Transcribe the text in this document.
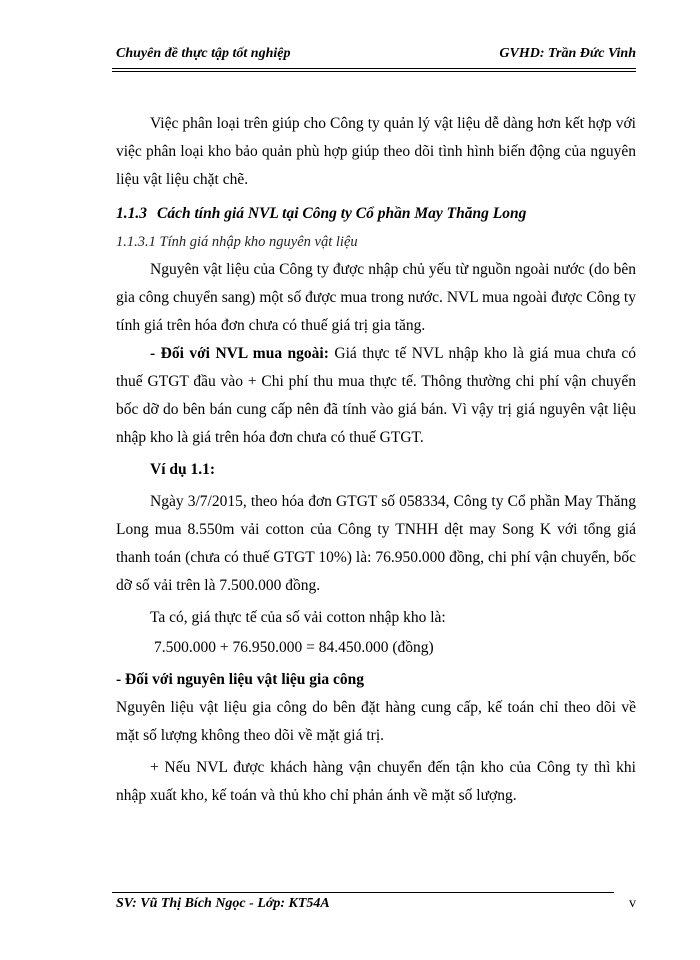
Chuyên đề thực tập tốt nghiệp	GVHD: Trần Đức Vinh

Việc phân loại trên giúp cho Công ty quản lý vật liệu dễ dàng hơn kết hợp với việc phân loại kho bảo quản phù hợp giúp theo dõi tình hình biến động của nguyên liệu vật liệu chặt chẽ.

1.1.3 Cách tính giá NVL tại Công ty Cổ phần May Thăng Long

1.1.3.1 Tính giá nhập kho nguyên vật liệu

Nguyên vật liệu của Công ty được nhập chủ yếu từ nguồn ngoài nước (do bên gia công chuyển sang) một số được mua trong nước. NVL mua ngoài được Công ty tính giá trên hóa đơn chưa có thuế giá trị gia tăng.

- Đối với NVL mua ngoài: Giá thực tế NVL nhập kho là giá mua chưa có thuế GTGT đầu vào + Chi phí thu mua thực tế. Thông thường chi phí vận chuyển bốc dỡ do bên bán cung cấp nên đã tính vào giá bán. Vì vậy trị giá nguyên vật liệu nhập kho là giá trên hóa đơn chưa có thuế GTGT.

Ví dụ 1.1:

Ngày 3/7/2015, theo hóa đơn GTGT số 058334, Công ty Cổ phần May Thăng Long mua 8.550m vải cotton của Công ty TNHH dệt may Song K với tổng giá thanh toán (chưa có thuế GTGT 10%) là: 76.950.000 đồng, chi phí vận chuyển, bốc dỡ số vải trên là 7.500.000 đồng.

Ta có, giá thực tế của số vải cotton nhập kho là:

7.500.000 + 76.950.000 = 84.450.000 (đồng)

- Đối với nguyên liệu vật liệu gia công

Nguyên liệu vật liệu gia công do bên đặt hàng cung cấp, kế toán chỉ theo dõi về mặt số lượng không theo dõi về mặt giá trị.

+ Nếu NVL được khách hàng vận chuyển đến tận kho của Công ty thì khi nhập xuất kho, kế toán và thủ kho chỉ phản ánh về mặt số lượng.

SV: Vũ Thị Bích Ngọc - Lớp: KT54A	v
